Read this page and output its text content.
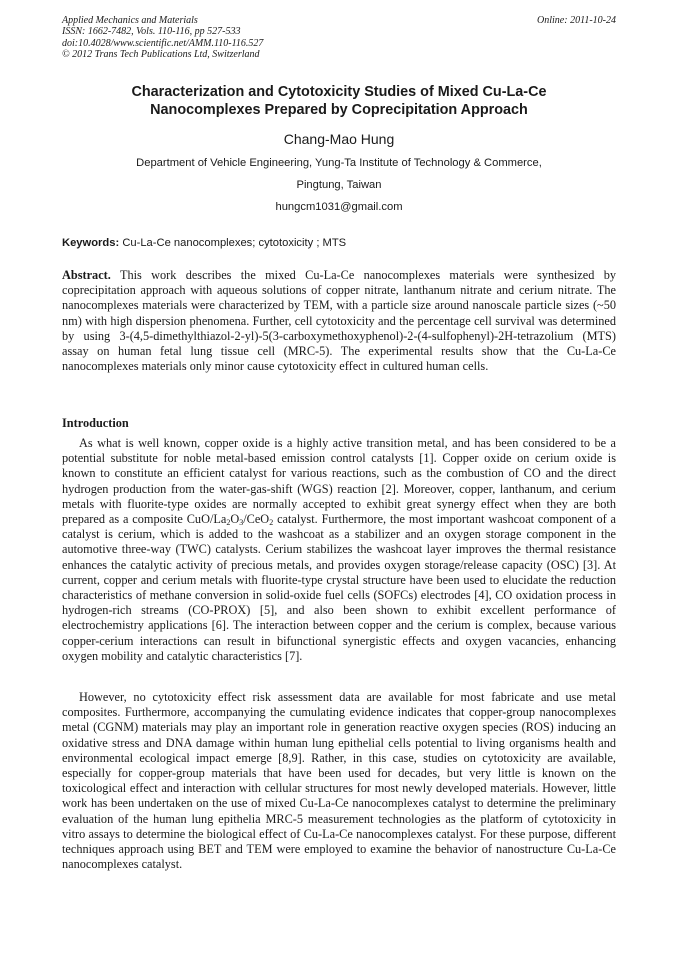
Applied Mechanics and Materials
ISSN: 1662-7482, Vols. 110-116, pp 527-533
doi:10.4028/www.scientific.net/AMM.110-116.527
© 2012 Trans Tech Publications Ltd, Switzerland
Online: 2011-10-24
Characterization and Cytotoxicity Studies of Mixed Cu-La-Ce
Nanocomplexes Prepared by Coprecipitation Approach
Chang-Mao Hung
Department of Vehicle Engineering, Yung-Ta Institute of Technology & Commerce,
Pingtung, Taiwan
hungcm1031@gmail.com
Keywords: Cu-La-Ce nanocomplexes; cytotoxicity ; MTS
Abstract. This work describes the mixed Cu-La-Ce nanocomplexes materials were synthesized by coprecipitation approach with aqueous solutions of copper nitrate, lanthanum nitrate and cerium nitrate. The nanocomplexes materials were characterized by TEM, with a particle size around nanoscale particle sizes (~50 nm) with high dispersion phenomena. Further, cell cytotoxicity and the percentage cell survival was determined by using 3-(4,5-dimethylthiazol-2-yl)-5(3-carboxymethoxyphenol)-2-(4-sulfophenyl)-2H-tetrazolium (MTS) assay on human fetal lung tissue cell (MRC-5). The experimental results show that the Cu-La-Ce nanocomplexes materials only minor cause cytotoxicity effect in cultured human cells.
Introduction
As what is well known, copper oxide is a highly active transition metal, and has been considered to be a potential substitute for noble metal-based emission control catalysts [1]. Copper oxide on cerium oxide is known to constitute an efficient catalyst for various reactions, such as the combustion of CO and the direct hydrogen production from the water-gas-shift (WGS) reaction [2]. Moreover, copper, lanthanum, and cerium metals with fluorite-type oxides are normally accepted to exhibit great synergy effect when they are both prepared as a composite CuO/$La_2O_3/CeO_2$ catalyst. Furthermore, the most important washcoat component of a catalyst is cerium, which is added to the washcoat as a stabilizer and an oxygen storage component in the automotive three-way (TWC) catalysts. Cerium stabilizes the washcoat layer improves the thermal resistance enhances the catalytic activity of precious metals, and provides oxygen storage/release capacity (OSC) [3]. At current, copper and cerium metals with fluorite-type crystal structure have been used to elucidate the reduction characteristics of methane conversion in solid-oxide fuel cells (SOFCs) electrodes [4], CO oxidation process in hydrogen-rich streams (CO-PROX) [5], and also been shown to exhibit excellent performance of electrochemistry applications [6]. The interaction between copper and the cerium is complex, because various copper-cerium interactions can result in bifunctional synergistic effects and oxygen vacancies, enhancing oxygen mobility and catalytic characteristics [7].
However, no cytotoxicity effect risk assessment data are available for most fabricate and use metal composites. Furthermore, accompanying the cumulating evidence indicates that copper-group nanocomplexes metal (CGNM) materials may play an important role in generation reactive oxygen species (ROS) inducing an oxidative stress and DNA damage within human lung epithelial cells potential to living organisms health and environmental ecological impact emerge [8,9]. Rather, in this case, studies on cytotoxicity are available, especially for copper-group materials that have been used for decades, but very little is known on the toxicological effect and interaction with cellular structures for most newly developed materials. However, little work has been undertaken on the use of mixed Cu-La-Ce nanocomplexes catalyst to determine the preliminary evaluation of the human lung epithelia MRC-5 measurement technologies as the platform of cytotoxicity in vitro assays to determine the biological effect of Cu-La-Ce nanocomplexes catalyst. For these purpose, different techniques approach using BET and TEM were employed to examine the behavior of nanostructure Cu-La-Ce nanocomplexes catalyst.
